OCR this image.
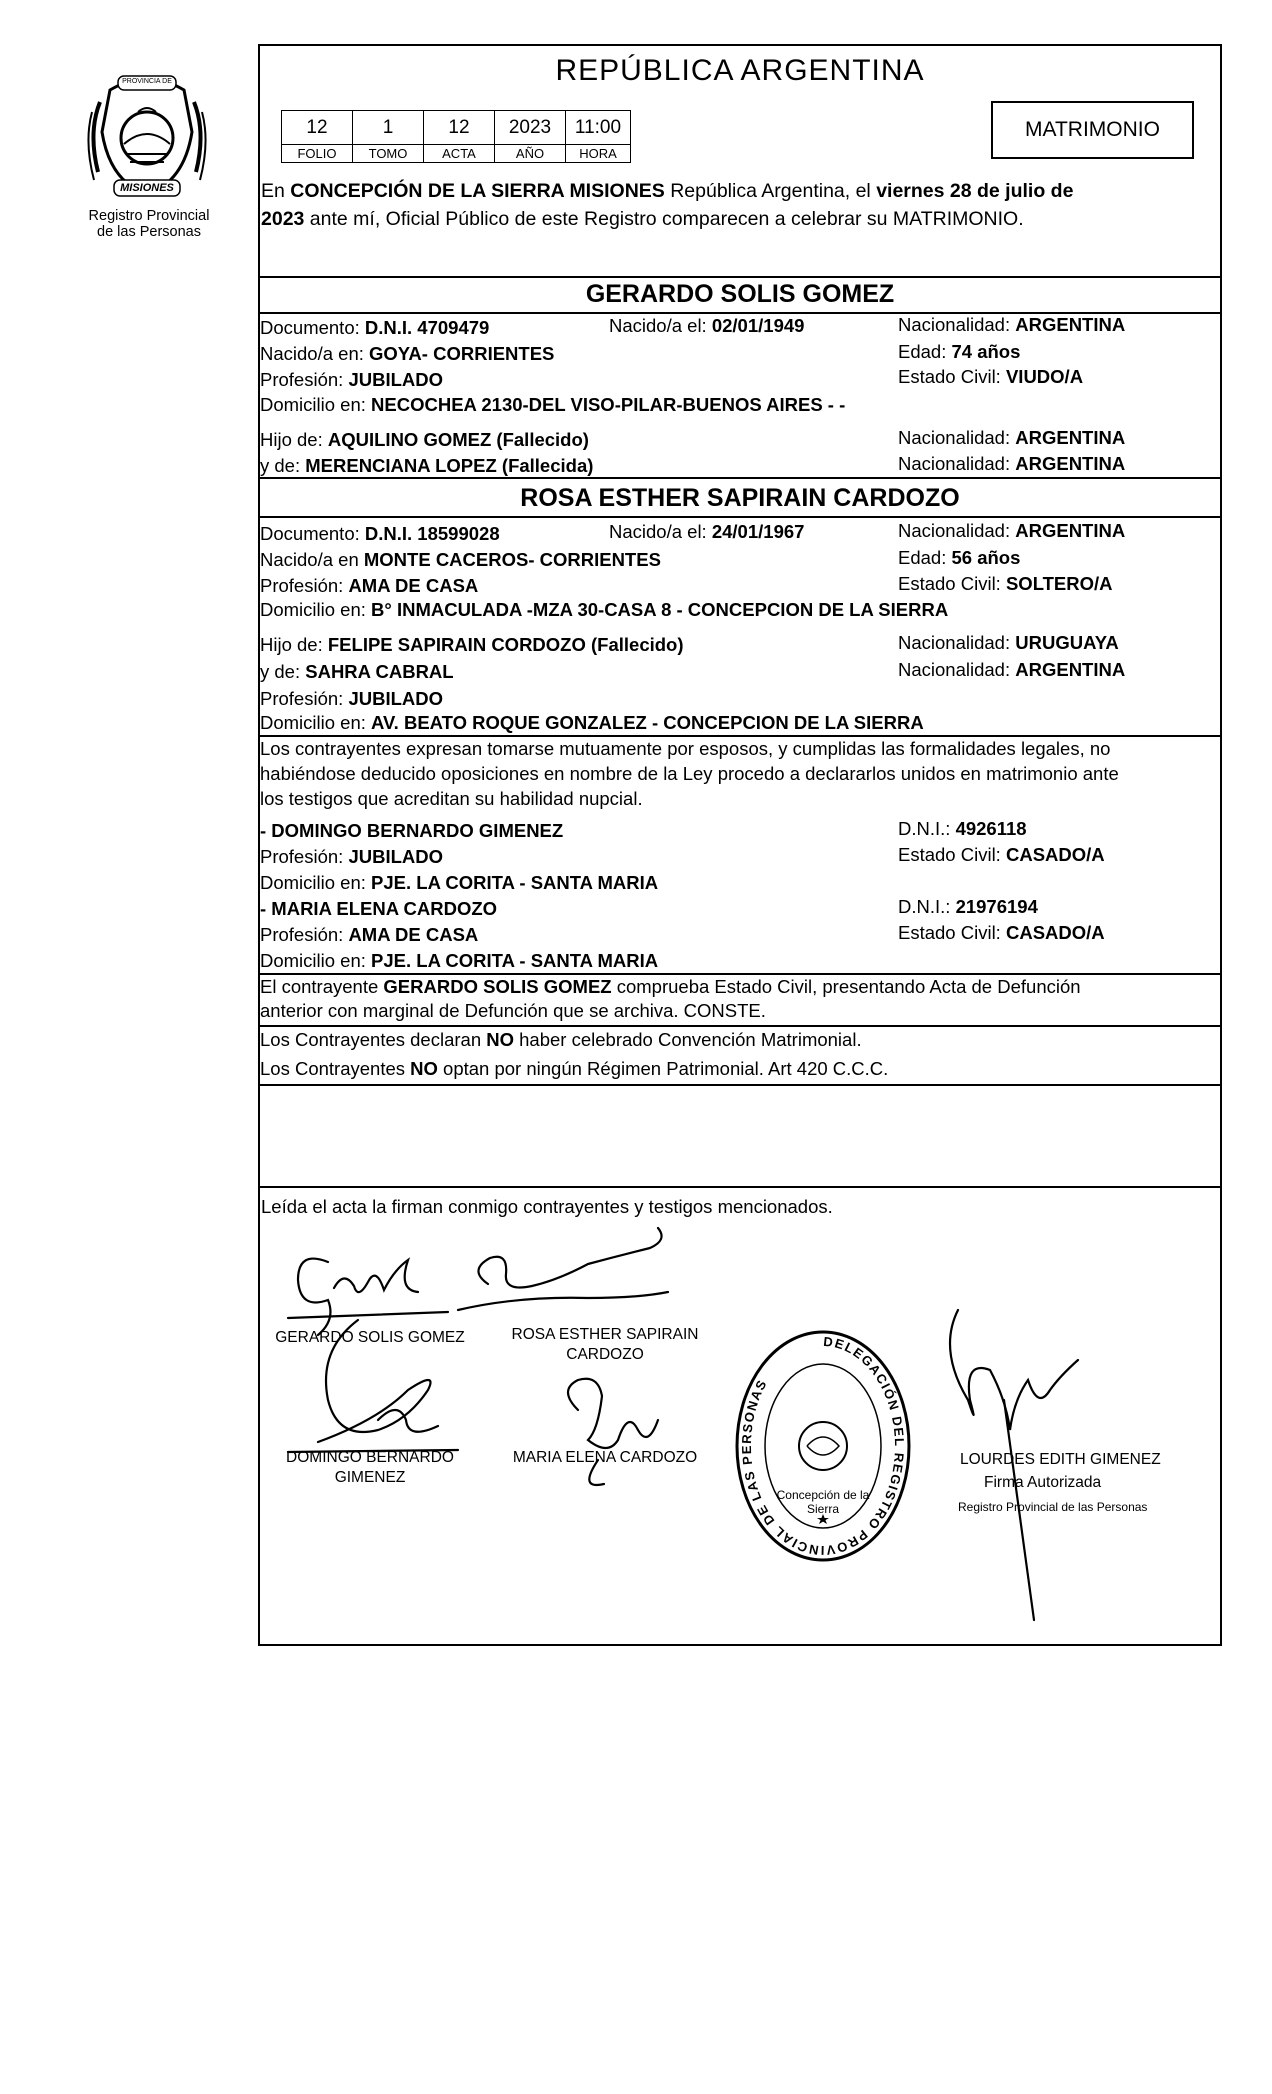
PROVINCIA DE
MISIONES
Registro Provincial
de las Personas
REPÚBLICA ARGENTINA
12	1	12	2023	11:00
FOLIO	TOMO	ACTA	AÑO	HORA
MATRIMONIO
En CONCEPCIÓN DE LA SIERRA MISIONES República Argentina, el viernes 28 de julio de
2023 ante mí, Oficial Público de este Registro comparecen a celebrar su MATRIMONIO.
GERARDO SOLIS GOMEZ
Documento: D.N.I. 4709479	Nacido/a el: 02/01/1949	Nacionalidad: ARGENTINA
Nacido/a en: GOYA- CORRIENTES	Edad: 74 años
Profesión: JUBILADO	Estado Civil: VIUDO/A
Domicilio en: NECOCHEA 2130-DEL VISO-PILAR-BUENOS AIRES - -
Hijo de: AQUILINO GOMEZ (Fallecido)	Nacionalidad: ARGENTINA
y de: MERENCIANA LOPEZ (Fallecida)	Nacionalidad: ARGENTINA
ROSA ESTHER SAPIRAIN CARDOZO
Documento: D.N.I. 18599028	Nacido/a el: 24/01/1967	Nacionalidad: ARGENTINA
Nacido/a en MONTE CACEROS- CORRIENTES	Edad: 56 años
Profesión: AMA DE CASA	Estado Civil: SOLTERO/A
Domicilio en: B° INMACULADA -MZA 30-CASA 8 - CONCEPCION DE LA SIERRA
Hijo de: FELIPE SAPIRAIN CORDOZO (Fallecido)	Nacionalidad: URUGUAYA
y de: SAHRA CABRAL	Nacionalidad: ARGENTINA
Profesión: JUBILADO
Domicilio en: AV. BEATO ROQUE GONZALEZ - CONCEPCION DE LA SIERRA
Los contrayentes expresan tomarse mutuamente por esposos, y cumplidas las formalidades legales, no
habiéndose deducido oposiciones en nombre de la Ley procedo a declararlos unidos en matrimonio ante
los testigos que acreditan su habilidad nupcial.
- DOMINGO BERNARDO GIMENEZ	D.N.I.: 4926118
Profesión: JUBILADO	Estado Civil: CASADO/A
Domicilio en: PJE. LA CORITA - SANTA MARIA
- MARIA ELENA CARDOZO	D.N.I.: 21976194
Profesión: AMA DE CASA	Estado Civil: CASADO/A
Domicilio en: PJE. LA CORITA - SANTA MARIA
El contrayente GERARDO SOLIS GOMEZ comprueba Estado Civil, presentando Acta de Defunción
anterior con marginal de Defunción que se archiva. CONSTE.
Los Contrayentes declaran NO haber celebrado Convención Matrimonial.
Los Contrayentes NO optan por ningún Régimen Patrimonial. Art 420 C.C.C.
Leída el acta la firman conmigo contrayentes y testigos mencionados.
GERARDO SOLIS GOMEZ	ROSA ESTHER SAPIRAIN
CARDOZO
DOMINGO BERNARDO
GIMENEZ
MARIA ELENA CARDOZO
DELEGACIÓN DEL REGISTRO PROVINCIAL DE LAS PERSONAS
Concepción de la Sierra
LOURDES EDITH GIMENEZ
Firma Autorizada
Registro Provincial de las Personas
